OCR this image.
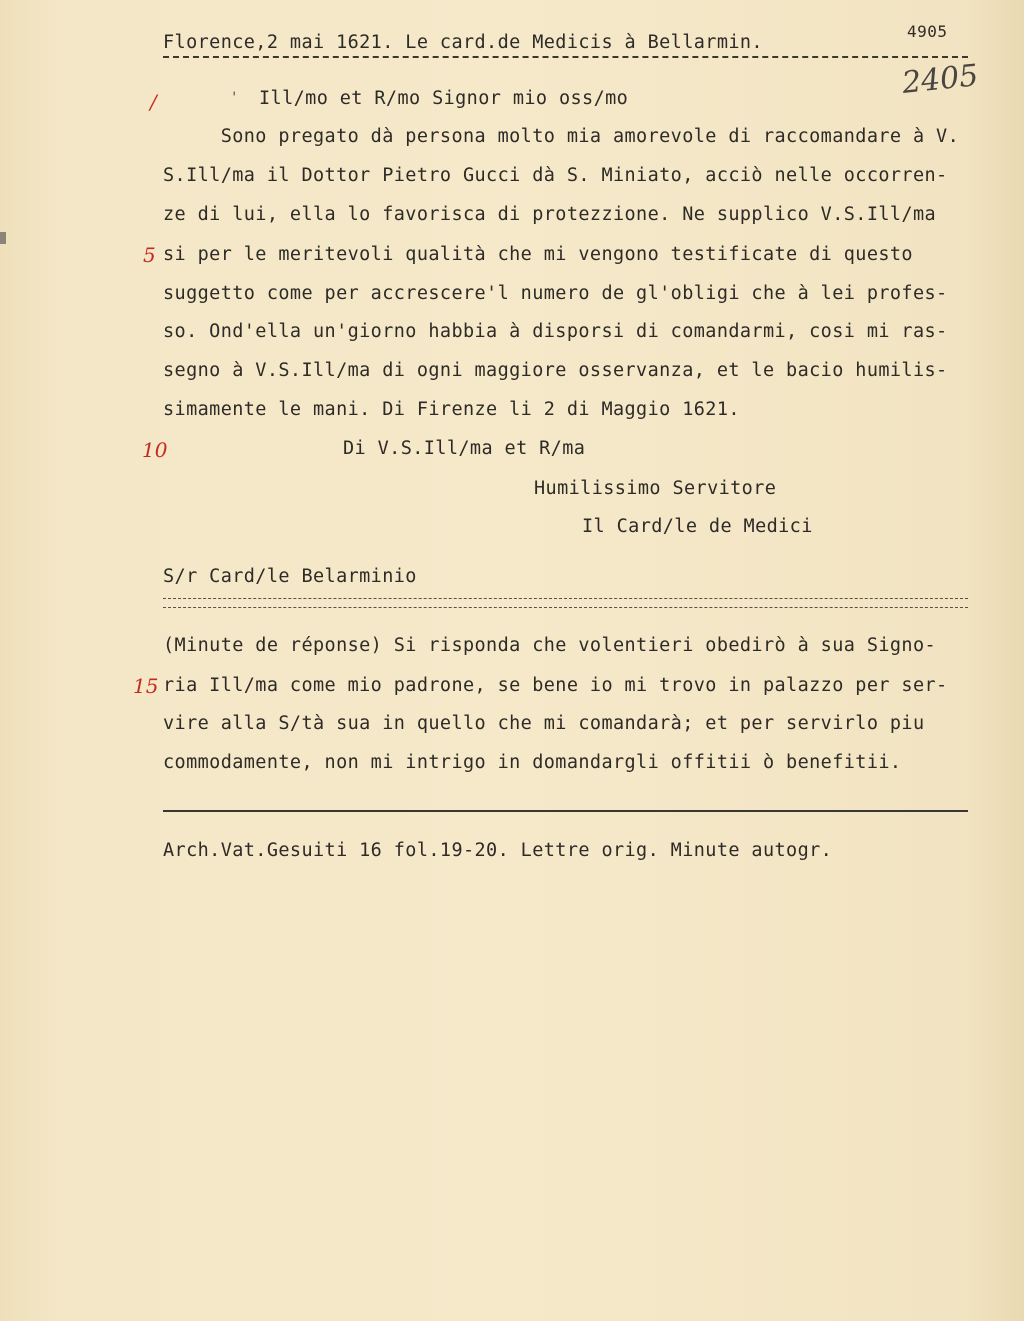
Florence,2 mai 1621. Le card.de Medicis à Bellarmin.
4905
2405
/	' Ill/mo et R/mo Signor mio oss/mo
Sono pregato dà persona molto mia amorevole di raccomandare à V.
S.Ill/ma il Dottor Pietro Gucci dà S. Miniato, acciò nelle occorren-
ze di lui, ella lo favorisca di protezzione. Ne supplico V.S.Ill/ma
5 si per le meritevoli qualità che mi vengono testificate di questo
suggetto come per accrescere'l numero de gl'obligi che à lei profes-
so. Ond'ella un'giorno habbia à disporsi di comandarmi, cosi mi ras-
segno à V.S.Ill/ma di ogni maggiore osservanza, et le bacio humilis-
simamente le mani. Di Firenze li 2 di Maggio 1621.
10	Di V.S.Ill/ma et R/ma
Humilissimo Servitore
Il Card/le de Medici
S/r Card/le Belarminio
(Minute de réponse) Si risponda che volentieri obedirò à sua Signo-
15 ria Ill/ma come mio padrone, se bene io mi trovo in palazzo per ser-
vire alla S/tà sua in quello che mi comandarà; et per servirlo piu
commodamente, non mi intrigo in domandargli offitii ò benefitii.
Arch.Vat.Gesuiti 16 fol.19-20. Lettre orig. Minute autogr.
